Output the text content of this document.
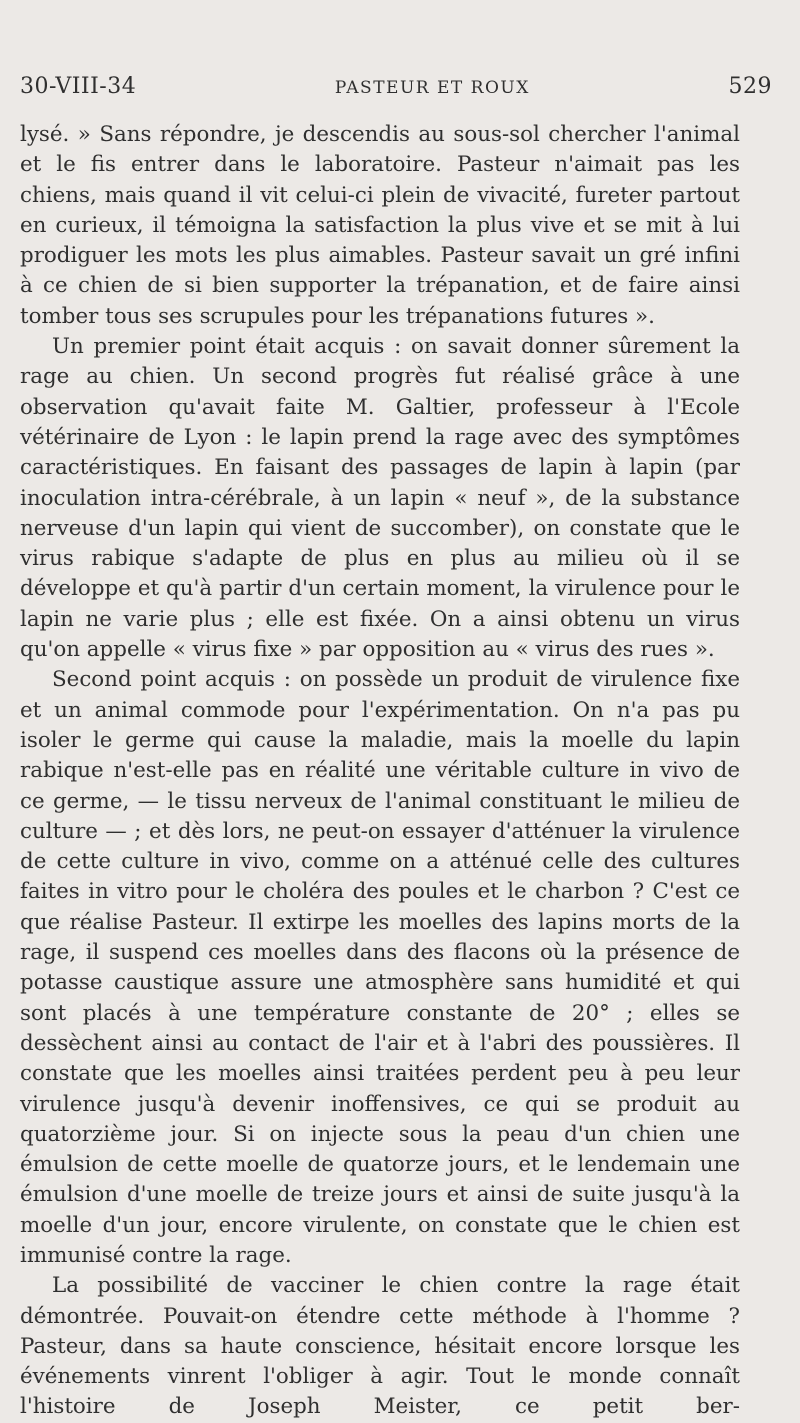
30-VIII-34	PASTEUR ET ROUX	529

lysé. » Sans répondre, je descendis au sous-sol chercher l'animal et le fis entrer dans le laboratoire. Pasteur n'aimait pas les chiens, mais quand il vit celui-ci plein de vivacité, fureter partout en curieux, il témoigna la satisfaction la plus vive et se mit à lui prodiguer les mots les plus aimables. Pasteur savait un gré infini à ce chien de si bien supporter la trépanation, et de faire ainsi tomber tous ses scrupules pour les trépanations futures ».

Un premier point était acquis : on savait donner sûrement la rage au chien. Un second progrès fut réalisé grâce à une observation qu'avait faite M. Galtier, professeur à l'Ecole vétérinaire de Lyon : le lapin prend la rage avec des symptômes caractéristiques. En faisant des passages de lapin à lapin (par inoculation intra-cérébrale, à un lapin « neuf », de la substance nerveuse d'un lapin qui vient de succomber), on constate que le virus rabique s'adapte de plus en plus au milieu où il se développe et qu'à partir d'un certain moment, la virulence pour le lapin ne varie plus ; elle est fixée. On a ainsi obtenu un virus qu'on appelle « virus fixe » par opposition au « virus des rues ».

Second point acquis : on possède un produit de virulence fixe et un animal commode pour l'expérimentation. On n'a pas pu isoler le germe qui cause la maladie, mais la moelle du lapin rabique n'est-elle pas en réalité une véritable culture in vivo de ce germe, — le tissu nerveux de l'animal constituant le milieu de culture — ; et dès lors, ne peut-on essayer d'atténuer la virulence de cette culture in vivo, comme on a atténué celle des cultures faites in vitro pour le choléra des poules et le charbon ? C'est ce que réalise Pasteur. Il extirpe les moelles des lapins morts de la rage, il suspend ces moelles dans des flacons où la présence de potasse caustique assure une atmosphère sans humidité et qui sont placés à une température constante de 20° ; elles se dessèchent ainsi au contact de l'air et à l'abri des poussières. Il constate que les moelles ainsi traitées perdent peu à peu leur virulence jusqu'à devenir inoffensives, ce qui se produit au quatorzième jour. Si on injecte sous la peau d'un chien une émulsion de cette moelle de quatorze jours, et le lendemain une émulsion d'une moelle de treize jours et ainsi de suite jusqu'à la moelle d'un jour, encore virulente, on constate que le chien est immunisé contre la rage.

La possibilité de vacciner le chien contre la rage était démontrée. Pouvait-on étendre cette méthode à l'homme ? Pasteur, dans sa haute conscience, hésitait encore lorsque les événements vinrent l'obliger à agir. Tout le monde connaît l'histoire de Joseph Meister, ce petit ber-
